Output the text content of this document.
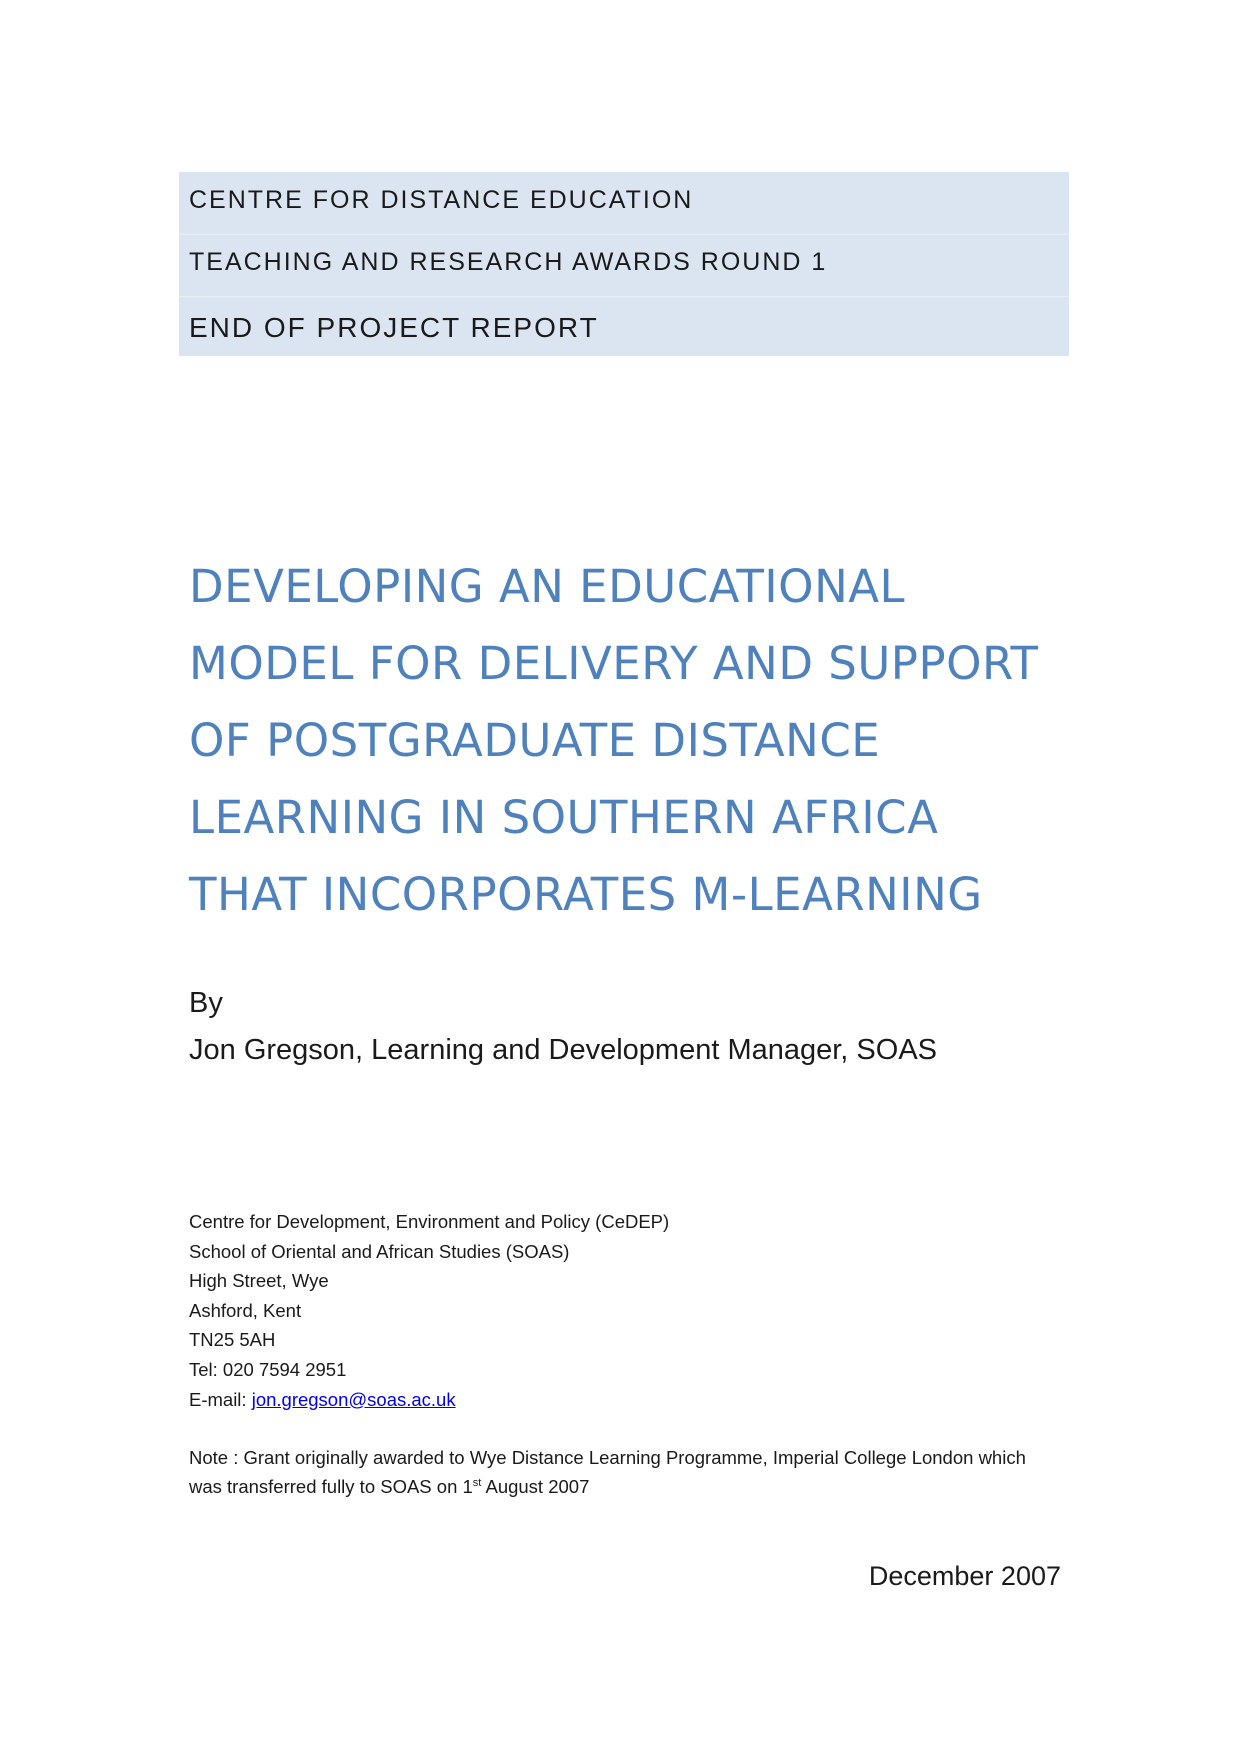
CENTRE FOR DISTANCE EDUCATION
TEACHING AND RESEARCH AWARDS ROUND 1
END OF PROJECT REPORT
DEVELOPING AN EDUCATIONAL
MODEL FOR DELIVERY AND SUPPORT
OF POSTGRADUATE DISTANCE
LEARNING IN SOUTHERN AFRICA
THAT INCORPORATES M-LEARNING
By
Jon Gregson, Learning and Development Manager, SOAS
Centre for Development, Environment and Policy (CeDEP)
School of Oriental and African Studies (SOAS)
High Street, Wye
Ashford, Kent
TN25 5AH
Tel: 020 7594 2951
E-mail: jon.gregson@soas.ac.uk
Note : Grant originally awarded to Wye Distance Learning Programme, Imperial College London which
was transferred fully to SOAS on 1st August 2007
December 2007
